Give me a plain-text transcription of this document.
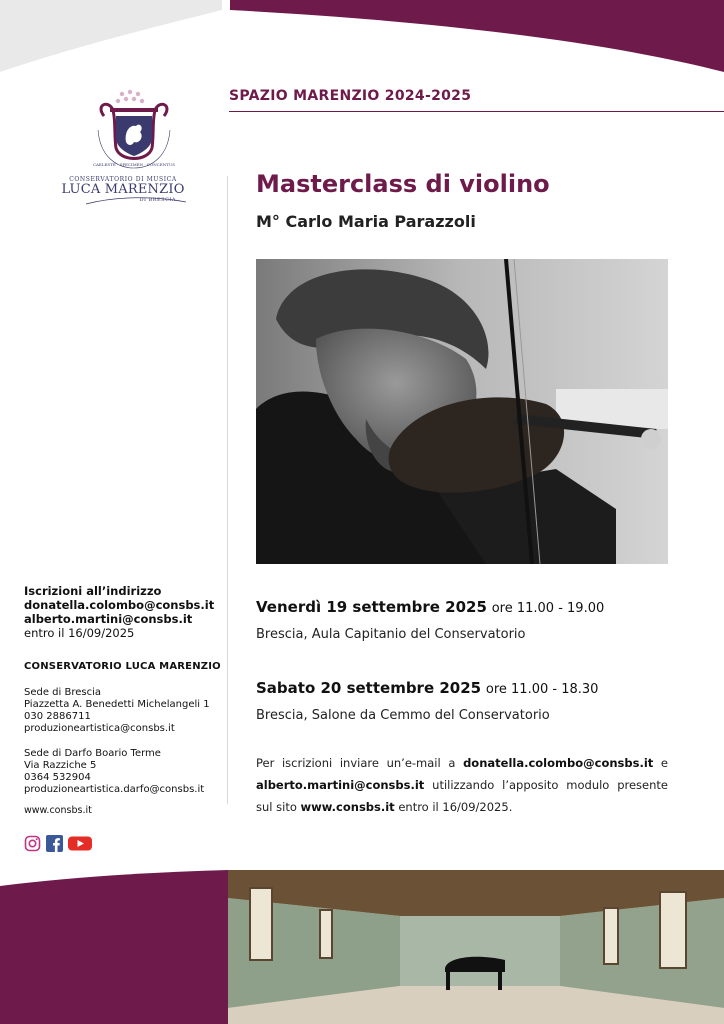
SPAZIO MARENZIO 2024-2025
CAELESTE · SPECIMEN · CONCENTUS
CONSERVATORIO DI MUSICA
LUCA MARENZIO
DI BRESCIA
Masterclass di violino
M° Carlo Maria Parazzoli
Venerdì 19 settembre 2025 ore 11.00 - 19.00
Brescia, Aula Capitanio del Conservatorio
Sabato 20 settembre 2025 ore 11.00 - 18.30
Brescia, Salone da Cemmo del Conservatorio
Per iscrizioni inviare un’e-mail a donatella.colombo@consbs.it e alberto.martini@consbs.it utilizzando l’apposito modulo presente sul sito www.consbs.it entro il 16/09/2025.
Iscrizioni all’indirizzo
donatella.colombo@consbs.it
alberto.martini@consbs.it
entro il 16/09/2025
CONSERVATORIO LUCA MARENZIO
Sede di Brescia
Piazzetta A. Benedetti Michelangeli 1
030 2886711
produzioneartistica@consbs.it
Sede di Darfo Boario Terme
Via Razziche 5
0364 532904
produzioneartistica.darfo@consbs.it
www.consbs.it
